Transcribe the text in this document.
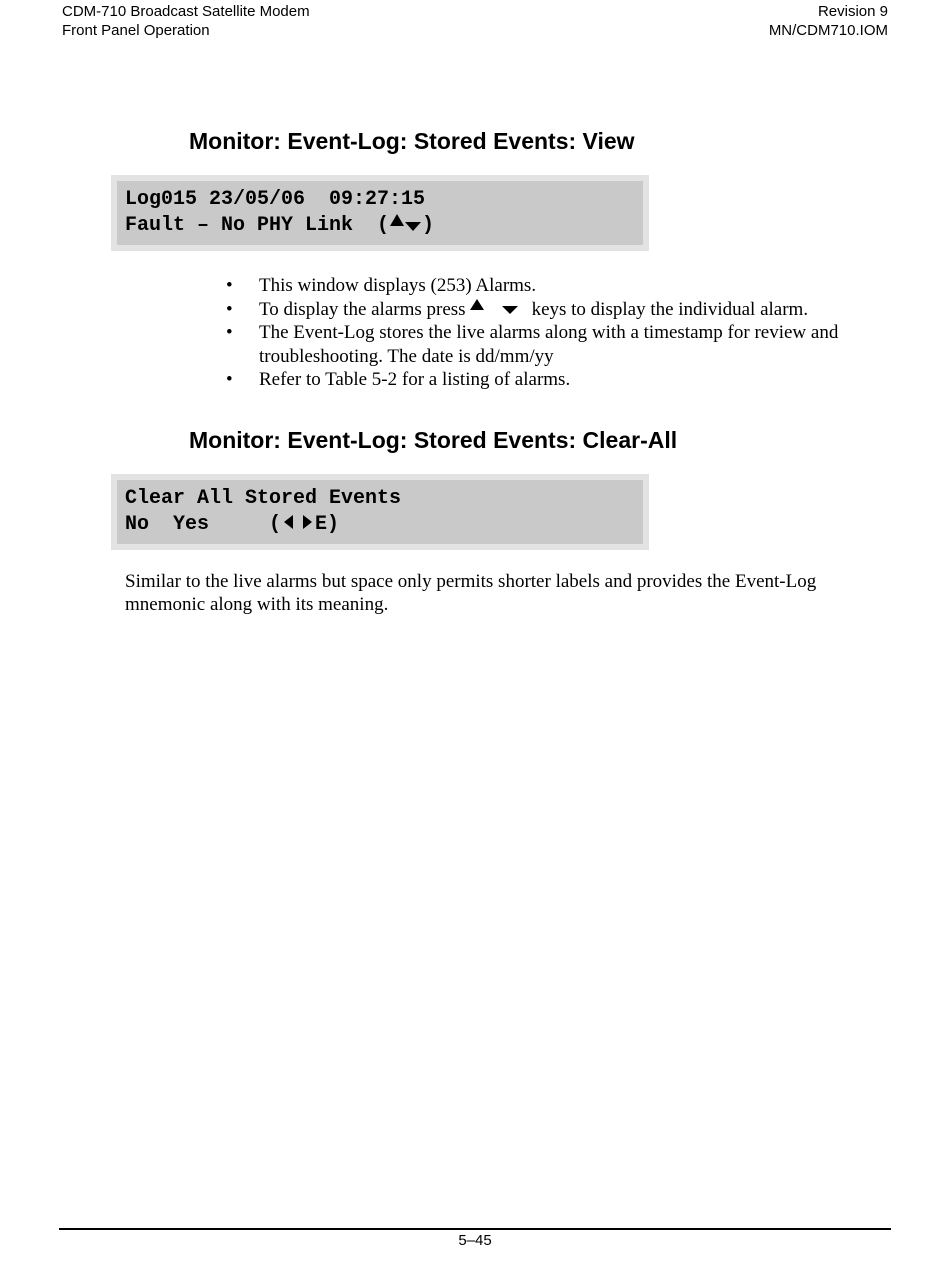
CDM-710 Broadcast Satellite Modem
Front Panel Operation
Revision 9
MN/CDM710.IOM
Monitor: Event-Log: Stored Events: View
Log015 23/05/06  09:27:15
Fault – No PHY Link  ( )
• This window displays (253) Alarms.
• To display the alarms press	keys to display the individual alarm.
• The Event-Log stores the live alarms along with a timestamp for review and troubleshooting. The date is dd/mm/yy
• Refer to Table 5-2 for a listing of alarms.
Monitor: Event-Log: Stored Events: Clear-All
Clear All Stored Events
No  Yes     ( E)
Similar to the live alarms but space only permits shorter labels and provides the Event-Log mnemonic along with its meaning.
5–45
